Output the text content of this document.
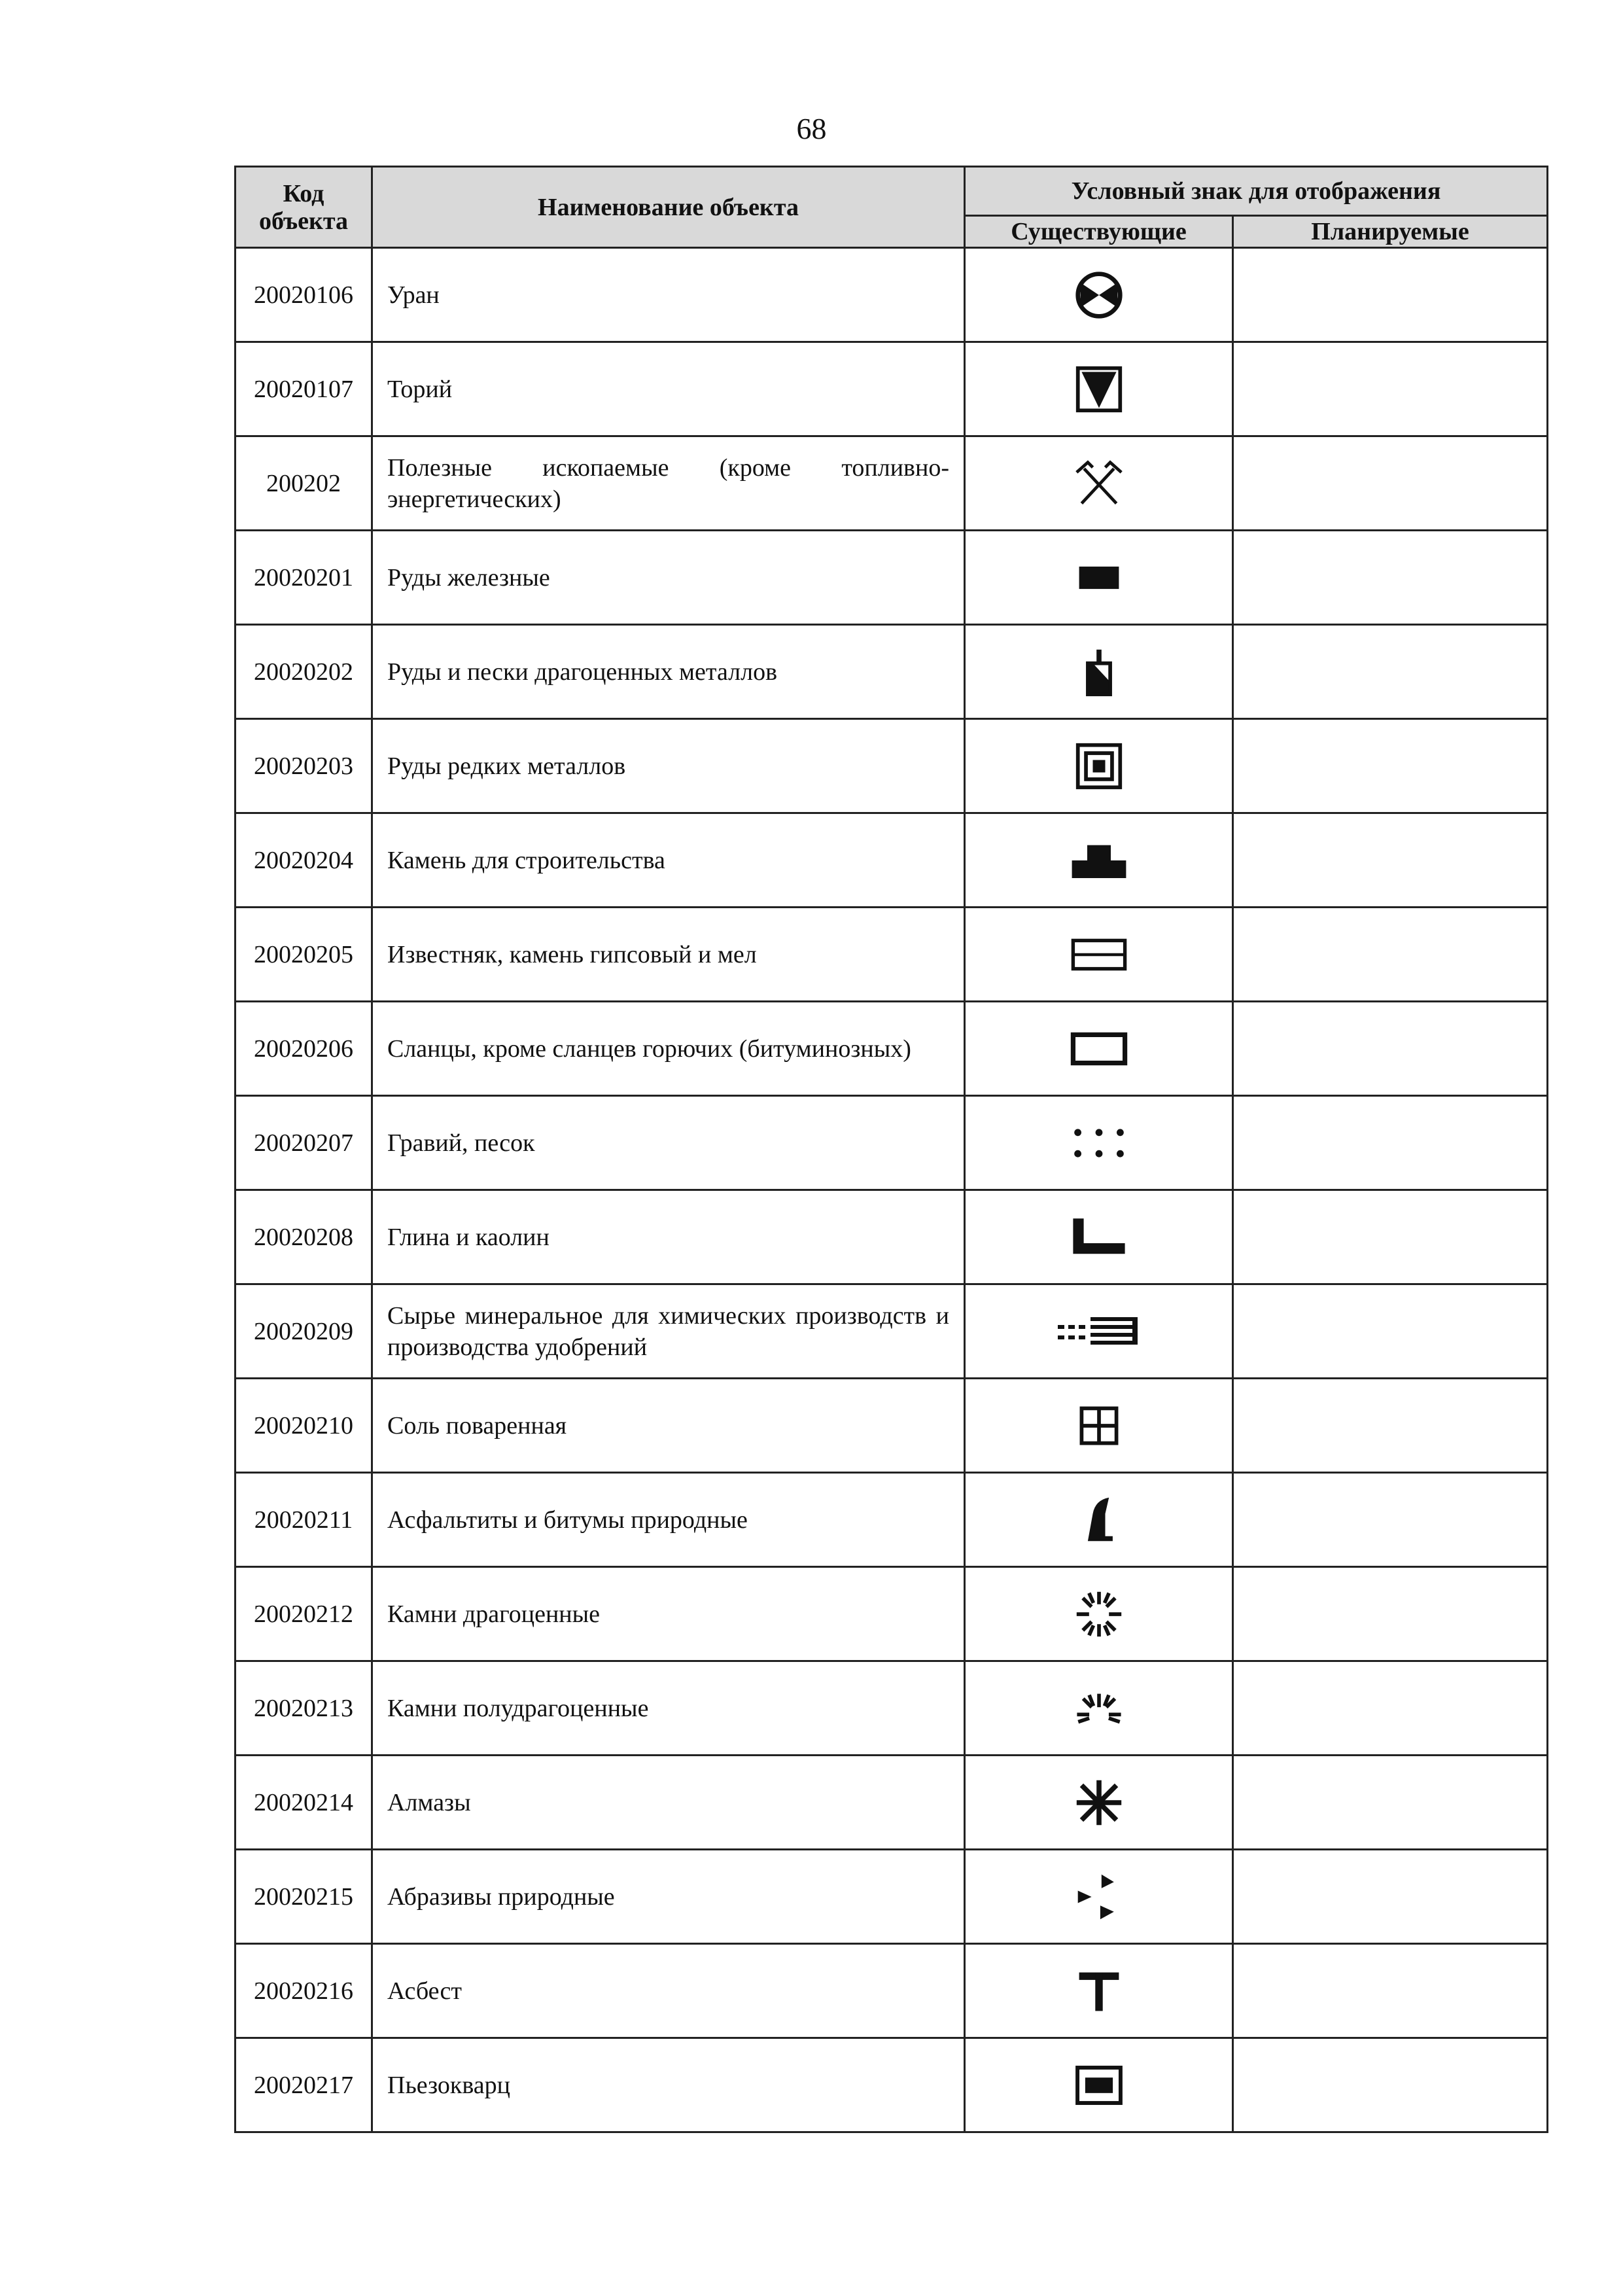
68
Код объекта	Наименование объекта	Условный знак для отображения	
		Существующие	Планируемые
20020106	Уран		
20020107	Торий		
200202	Полезные ископаемые (кроме топливно-энергетических)		
20020201	Руды железные		
20020202	Руды и пески драгоценных металлов		
20020203	Руды редких металлов		
20020204	Камень для строительства		
20020205	Известняк, камень гипсовый и мел		
20020206	Сланцы, кроме сланцев горючих (битуминозных)		
20020207	Гравий, песок		
20020208	Глина и каолин		
20020209	Сырье минеральное для химических производств и производства удобрений		
20020210	Соль поваренная		
20020211	Асфальтиты и битумы природные		
20020212	Камни драгоценные		
20020213	Камни полудрагоценные		
20020214	Алмазы		
20020215	Абразивы природные		
20020216	Асбест		
20020217	Пьезокварц		
